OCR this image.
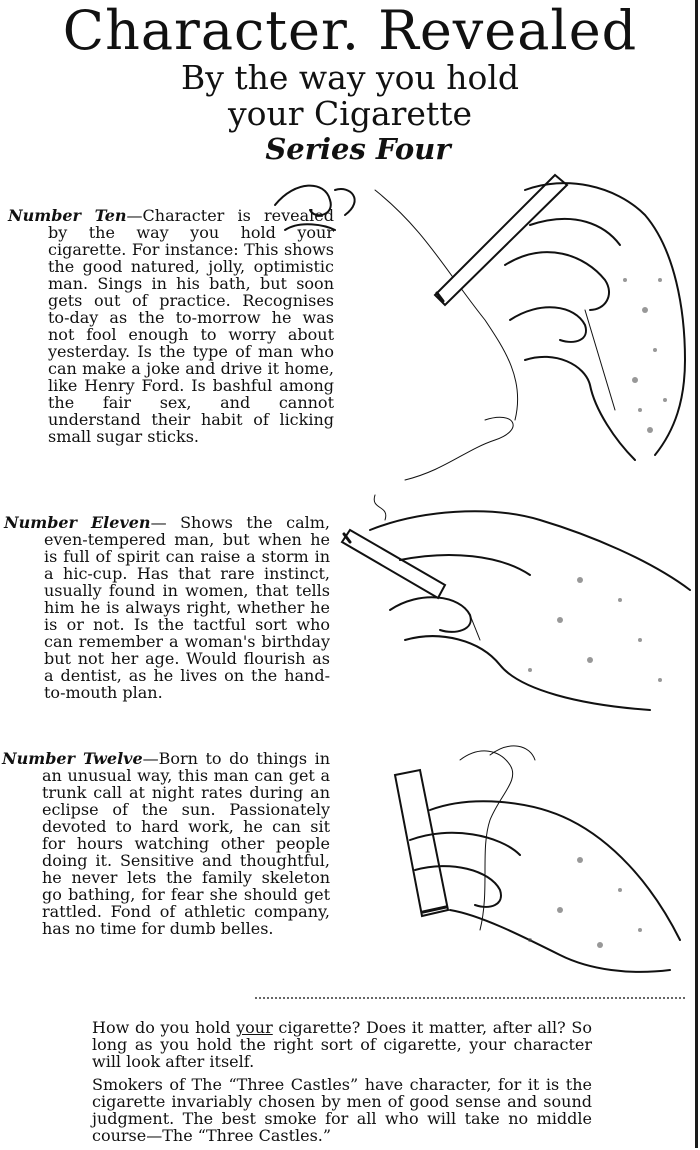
Character. Revealed
By the way you hold
your Cigarette
Series Four

Number Ten—Character is revealed by the way you hold your cigarette. For instance: This shows the good natured, jolly, optimistic man. Sings in his bath, but soon gets out of practice. Recognises to-day as the to-morrow he was not fool enough to worry about yesterday. Is the type of man who can make a joke and drive it home, like Henry Ford. Is bashful among the fair sex, and cannot understand their habit of licking small sugar sticks.

Number Eleven— Shows the calm, even-tempered man, but when he is full of spirit can raise a storm in a hic-cup. Has that rare instinct, usually found in women, that tells him he is always right, whether he is or not. Is the tactful sort who can remember a woman's birthday but not her age. Would flourish as a dentist, as he lives on the hand-to-mouth plan.

Number Twelve—Born to do things in an unusual way, this man can get a trunk call at night rates during an eclipse of the sun. Passionately devoted to hard work, he can sit for hours watching other people doing it. Sensitive and thoughtful, he never lets the family skeleton go bathing, for fear she should get rattled. Fond of athletic company, has no time for dumb belles.

How do you hold your cigarette? Does it matter, after all? So long as you hold the right sort of cigarette, your character will look after itself.

Smokers of The “Three Castles” have character, for it is the cigarette invariably chosen by men of good sense and sound judgment. The best smoke for all who will take no middle course—The “Three Castles.”
